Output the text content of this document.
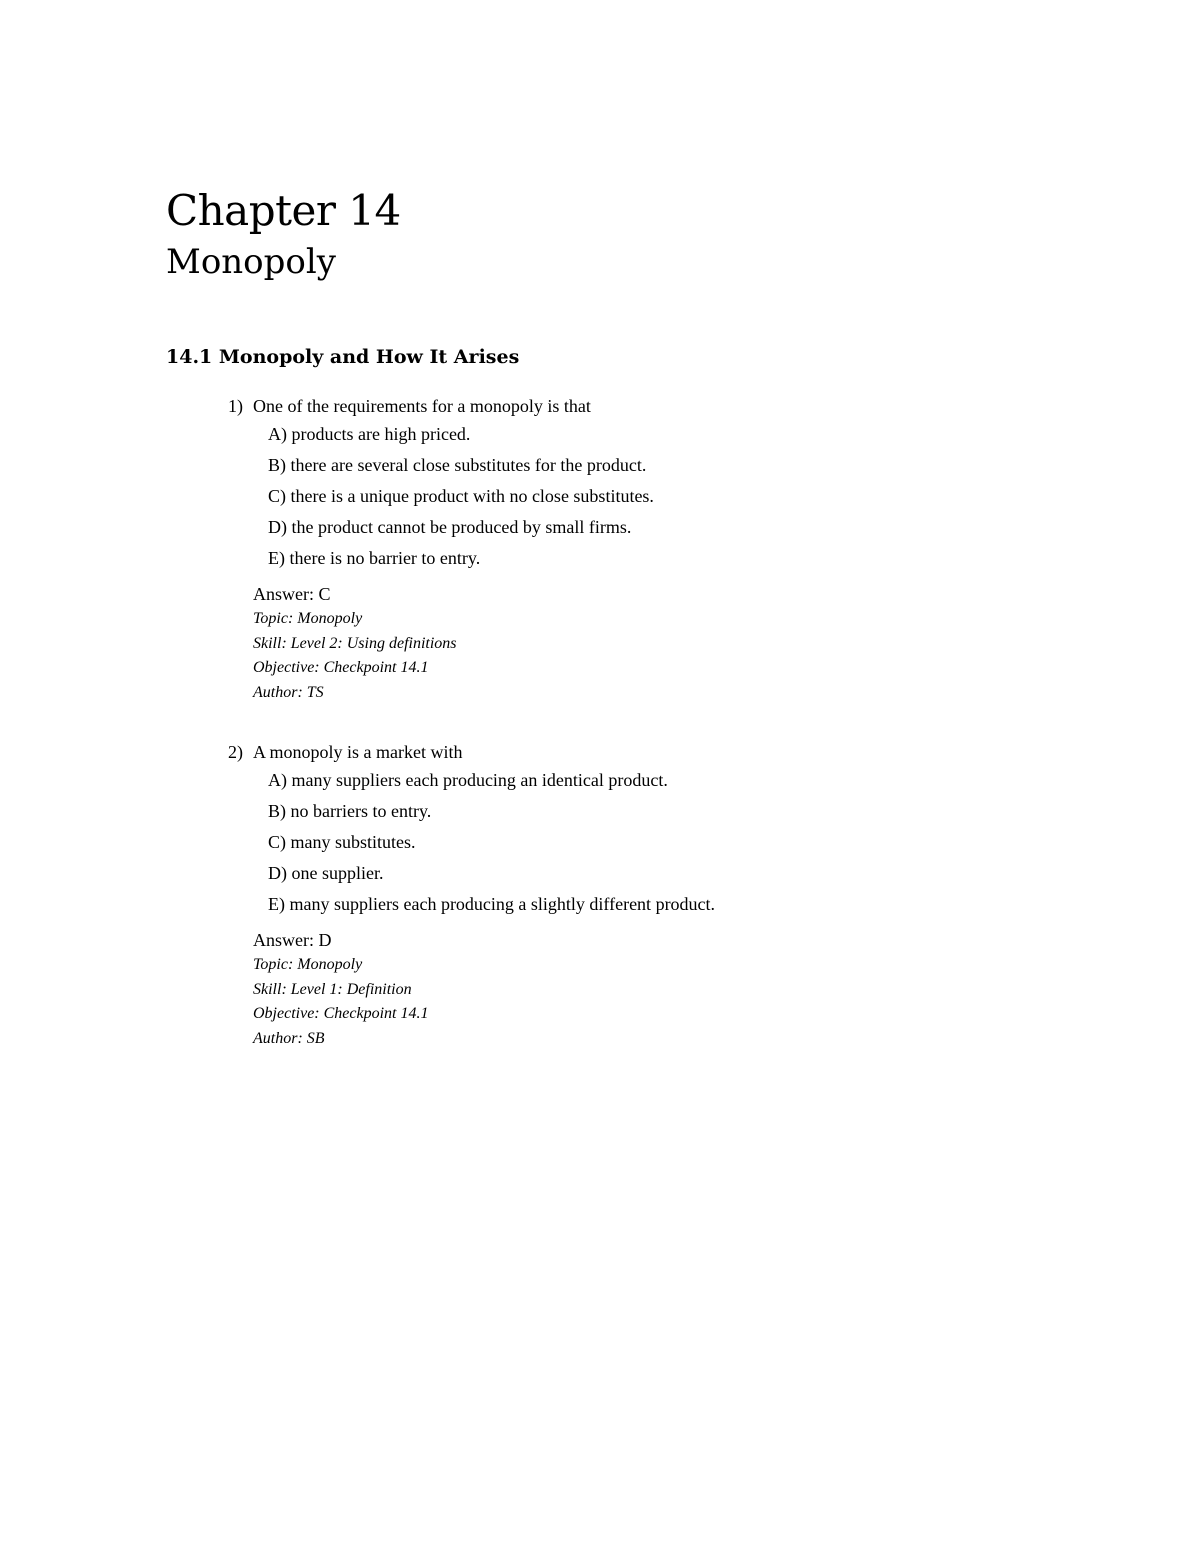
Chapter 14
Monopoly
14.1 Monopoly and How It Arises
1) One of the requirements for a monopoly is that
A) products are high priced.
B) there are several close substitutes for the product.
C) there is a unique product with no close substitutes.
D) the product cannot be produced by small firms.
E) there is no barrier to entry.
Answer: C
Topic: Monopoly
Skill: Level 2: Using definitions
Objective: Checkpoint 14.1
Author: TS
2) A monopoly is a market with
A) many suppliers each producing an identical product.
B) no barriers to entry.
C) many substitutes.
D) one supplier.
E) many suppliers each producing a slightly different product.
Answer: D
Topic: Monopoly
Skill: Level 1: Definition
Objective: Checkpoint 14.1
Author: SB
